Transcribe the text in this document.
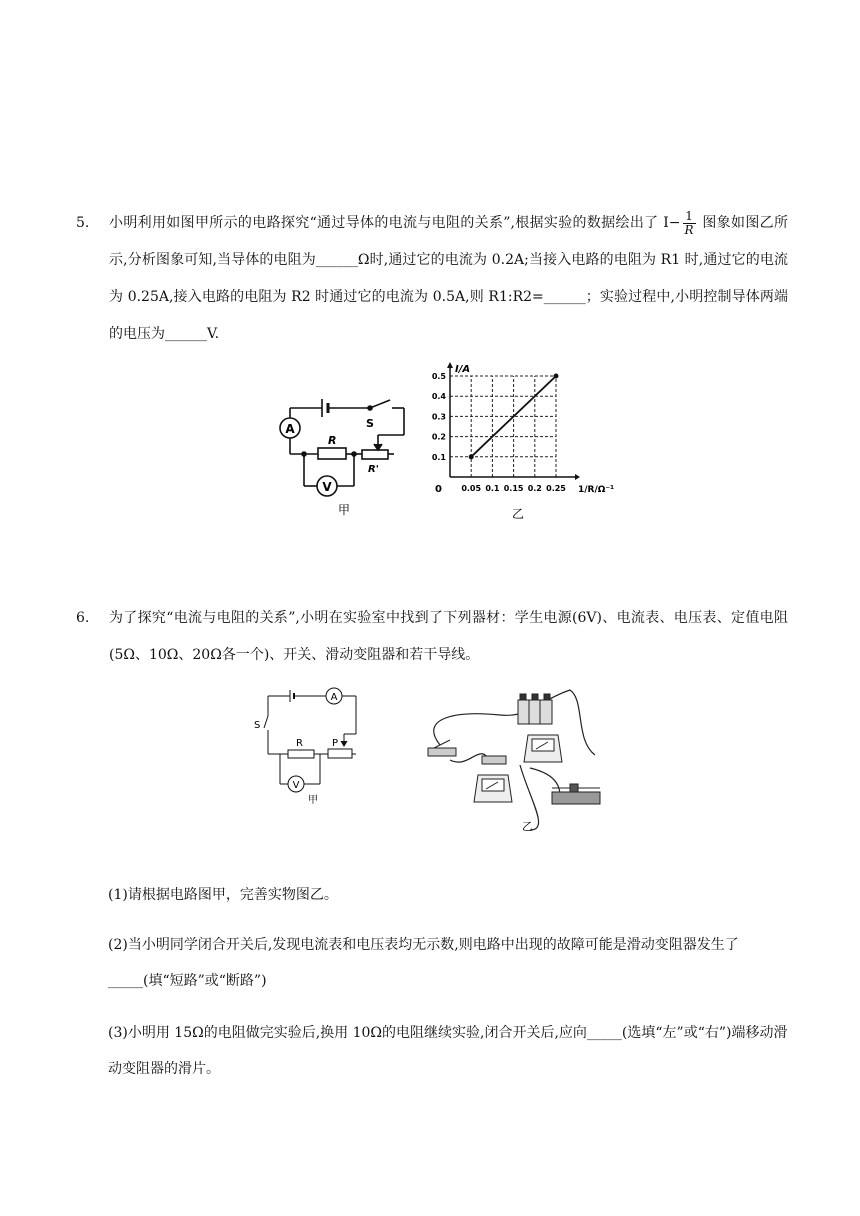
5. 小明利用如图甲所示的电路探究“通过导体的电流与电阻的关系”,根据实验的数据绘出了 $I- \frac{1}{R}$ 图象如图乙所示,分析图象可知,当导体的电阻为______Ω时,通过它的电流为 0.2A;当接入电路的电阻为 R1 时,通过它的电流为 0.25A,接入电路的电阻为 R2 时通过它的电流为 0.5A,则 R1:R2=______；实验过程中,小明控制导体两端的电压为______V.
A
V
S
R
R'
甲
0.05 0.1 0.15 0.2 0.25
0.1
0.2
0.3
0.4
0.5
I/A
1/R/Ω⁻¹
0
乙
6. 为了探究“电流与电阻的关系”,小明在实验室中找到了下列器材：学生电源(6V)、电流表、电压表、定值电阻(5Ω、10Ω、20Ω各一个)、开关、滑动变阻器和若干导线。
A
V
S
R	P
甲
乙
(1)请根据电路图甲，完善实物图乙。
(2)当小明同学闭合开关后,发现电流表和电压表均无示数,则电路中出现的故障可能是滑动变阻器发生了_____(填“短路”或“断路”)
(3)小明用 15Ω的电阻做完实验后,换用 10Ω的电阻继续实验,闭合开关后,应向_____(选填“左”或“右”)端移动滑动变阻器的滑片。
